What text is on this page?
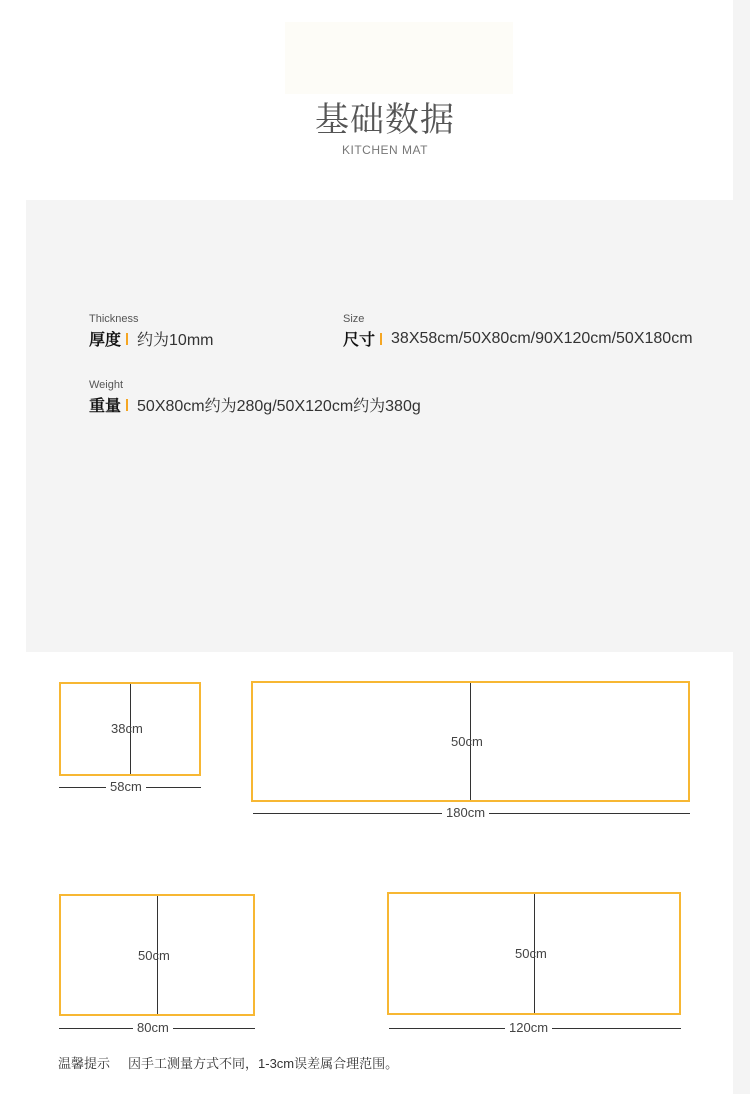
基础数据
KITCHEN MAT
Thickness
厚度 约为10mm
Size
尺寸 38X58cm/50X80cm/90X120cm/50X180cm
Weight
重量 50X80cm约为280g/50X120cm约为380g
38cm
58cm
50cm
180cm
50cm
80cm
50cm
120cm
温馨提示 因手工测量方式不同，1-3cm误差属合理范围。
